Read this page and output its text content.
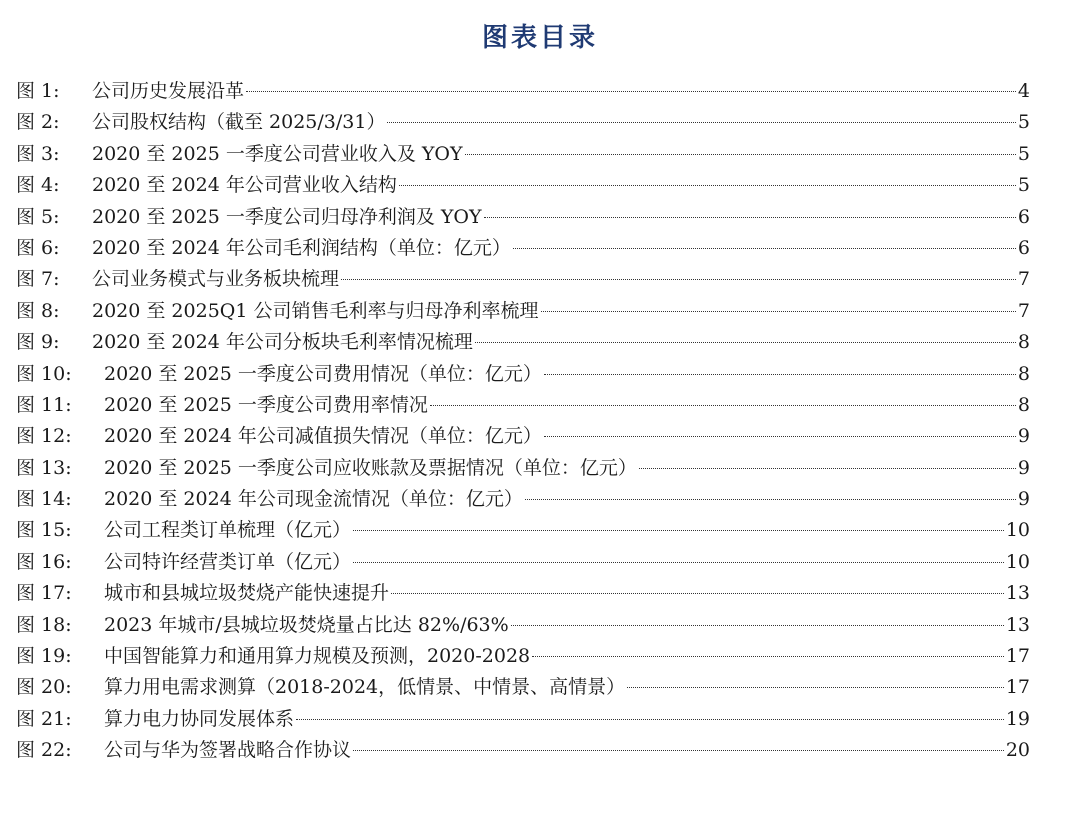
图表目录
图 1:	公司历史发展沿革	4
图 2:	公司股权结构（截至 2025/3/31）	5
图 3:	2020 至 2025 一季度公司营业收入及 YOY	5
图 4:	2020 至 2024 年公司营业收入结构	5
图 5:	2020 至 2025 一季度公司归母净利润及 YOY	6
图 6:	2020 至 2024 年公司毛利润结构（单位：亿元）	6
图 7:	公司业务模式与业务板块梳理	7
图 8:	2020 至 2025Q1 公司销售毛利率与归母净利率梳理	7
图 9:	2020 至 2024 年公司分板块毛利率情况梳理	8
图 10:	2020 至 2025 一季度公司费用情况（单位：亿元）	8
图 11:	2020 至 2025 一季度公司费用率情况	8
图 12:	2020 至 2024 年公司减值损失情况（单位：亿元）	9
图 13:	2020 至 2025 一季度公司应收账款及票据情况（单位：亿元）	9
图 14:	2020 至 2024 年公司现金流情况（单位：亿元）	9
图 15:	公司工程类订单梳理（亿元）	10
图 16:	公司特许经营类订单（亿元）	10
图 17:	城市和县城垃圾焚烧产能快速提升	13
图 18:	2023 年城市/县城垃圾焚烧量占比达 82%/63%	13
图 19:	中国智能算力和通用算力规模及预测，2020-2028	17
图 20:	算力用电需求测算（2018-2024，低情景、中情景、高情景）	17
图 21:	算力电力协同发展体系	19
图 22:	公司与华为签署战略合作协议	20
